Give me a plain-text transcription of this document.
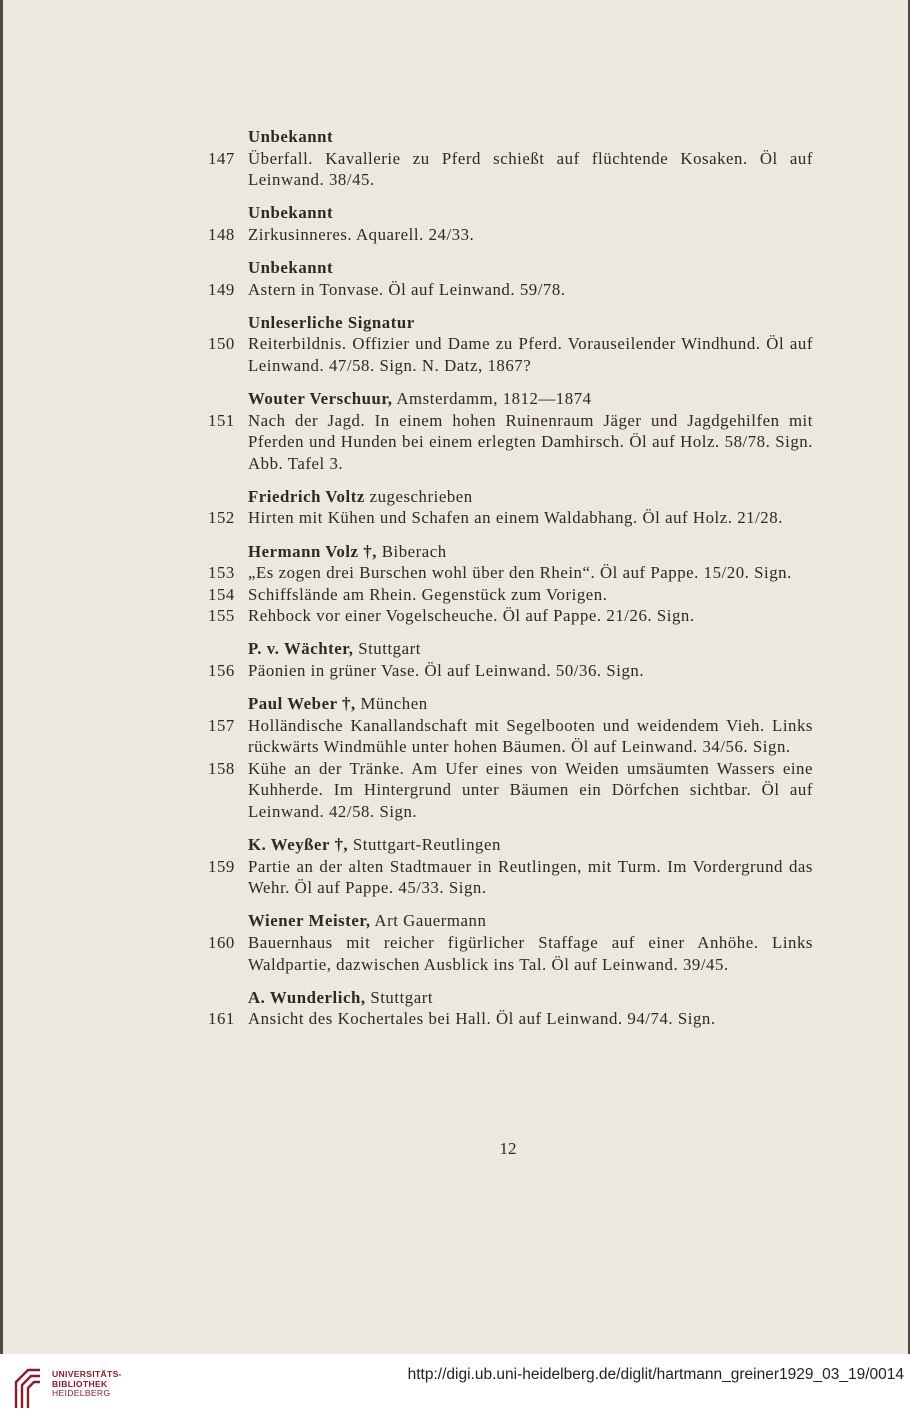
Unbekannt
147 Überfall. Kavallerie zu Pferd schießt auf flüchtende Kosaken. Öl auf Leinwand. 38/45.
Unbekannt
148 Zirkusinneres. Aquarell. 24/33.
Unbekannt
149 Astern in Tonvase. Öl auf Leinwand. 59/78.
Unleserliche Signatur
150 Reiterbildnis. Offizier und Dame zu Pferd. Vorauseilender Windhund. Öl auf Leinwand. 47/58. Sign. N. Datz, 1867?
Wouter Verschuur, Amsterdamm, 1812—1874
151 Nach der Jagd. In einem hohen Ruinenraum Jäger und Jagdgehilfen mit Pferden und Hunden bei einem erlegten Damhirsch. Öl auf Holz. 58/78. Sign. Abb. Tafel 3.
Friedrich Voltz zugeschrieben
152 Hirten mit Kühen und Schafen an einem Waldabhang. Öl auf Holz. 21/28.
Hermann Volz †, Biberach
153 „Es zogen drei Burschen wohl über den Rhein“. Öl auf Pappe. 15/20. Sign.
154 Schiffslände am Rhein. Gegenstück zum Vorigen.
155 Rehbock vor einer Vogelscheuche. Öl auf Pappe. 21/26. Sign.
P. v. Wächter, Stuttgart
156 Päonien in grüner Vase. Öl auf Leinwand. 50/36. Sign.
Paul Weber †, München
157 Holländische Kanallandschaft mit Segelbooten und weidendem Vieh. Links rückwärts Windmühle unter hohen Bäumen. Öl auf Leinwand. 34/56. Sign.
158 Kühe an der Tränke. Am Ufer eines von Weiden umsäumten Wassers eine Kuhherde. Im Hintergrund unter Bäumen ein Dörfchen sichtbar. Öl auf Leinwand. 42/58. Sign.
K. Weyßer †, Stuttgart-Reutlingen
159 Partie an der alten Stadtmauer in Reutlingen, mit Turm. Im Vordergrund das Wehr. Öl auf Pappe. 45/33. Sign.
Wiener Meister, Art Gauermann
160 Bauernhaus mit reicher figürlicher Staffage auf einer Anhöhe. Links Waldpartie, dazwischen Ausblick ins Tal. Öl auf Leinwand. 39/45.
A. Wunderlich, Stuttgart
161 Ansicht des Kochertales bei Hall. Öl auf Leinwand. 94/74. Sign.
12
UNIVERSITÄTS-
BIBLIOTHEK
HEIDELBERG
http://digi.ub.uni-heidelberg.de/diglit/hartmann_greiner1929_03_19/0014
